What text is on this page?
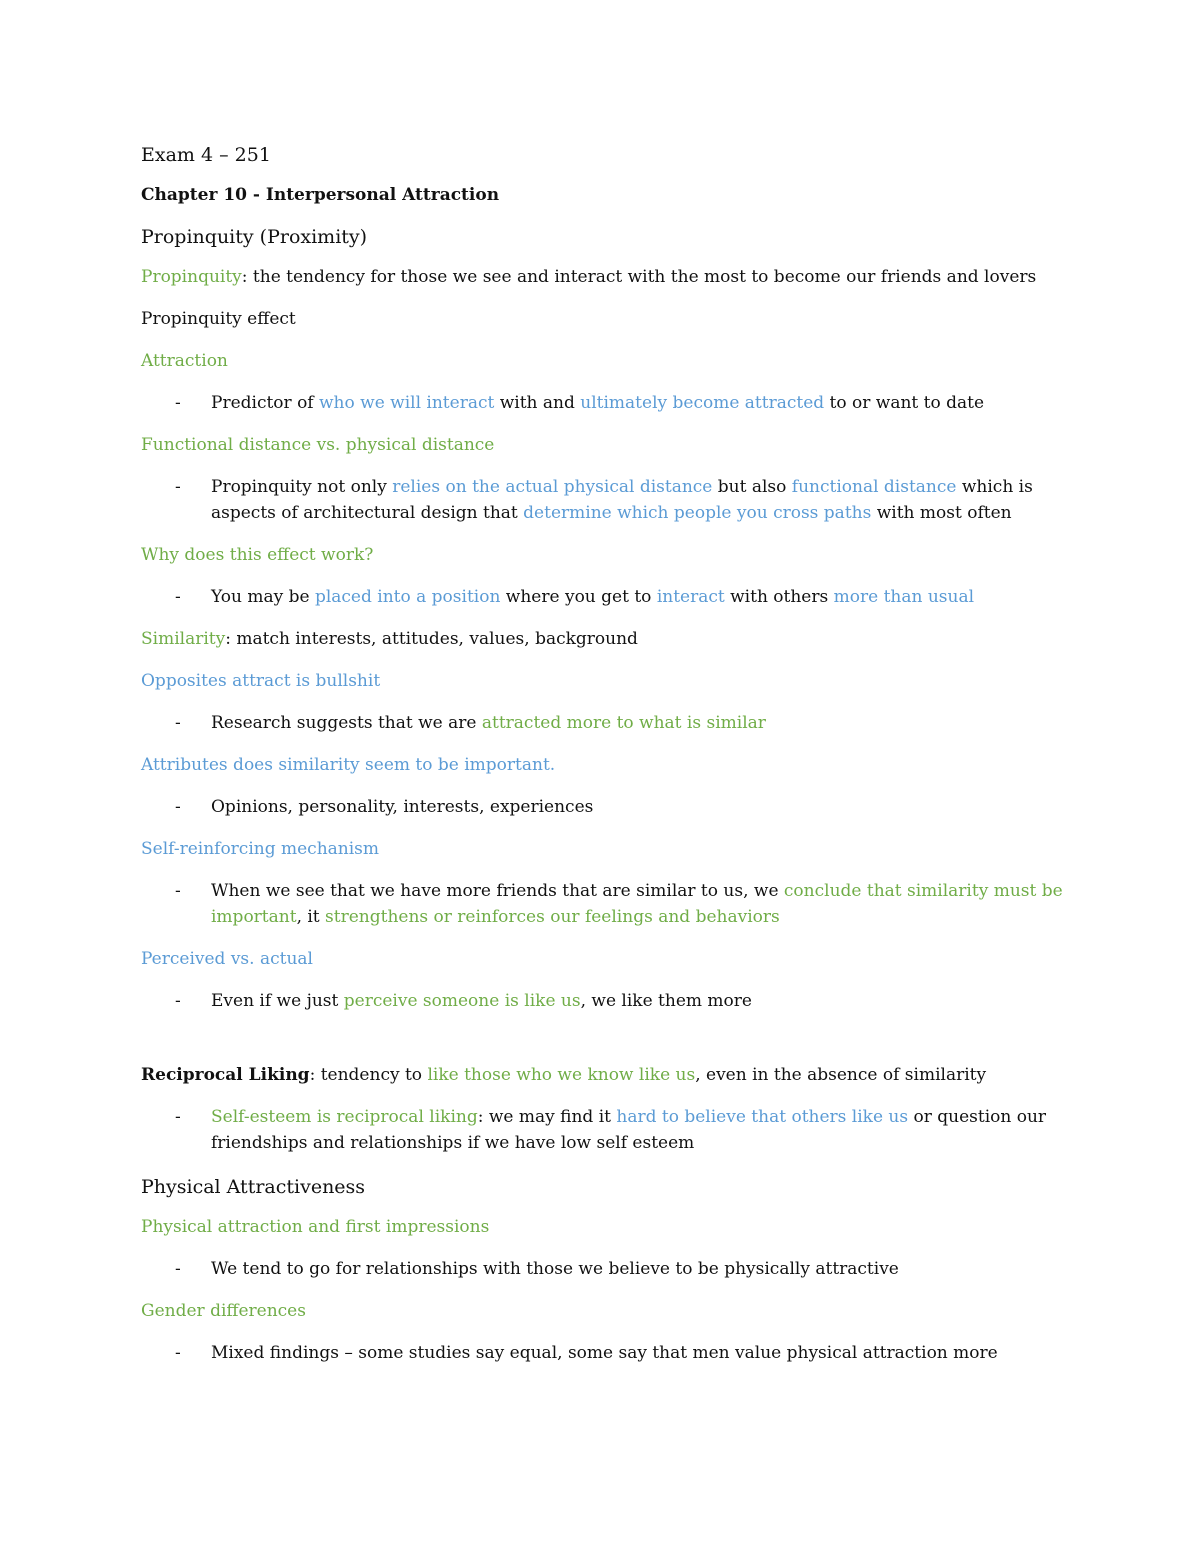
Exam 4 – 251

Chapter 10 - Interpersonal Attraction

Propinquity (Proximity)

Propinquity: the tendency for those we see and interact with the most to become our friends and lovers

Propinquity effect

Attraction

- Predictor of who we will interact with and ultimately become attracted to or want to date

Functional distance vs. physical distance

- Propinquity not only relies on the actual physical distance but also functional distance which is aspects of architectural design that determine which people you cross paths with most often

Why does this effect work?

- You may be placed into a position where you get to interact with others more than usual

Similarity: match interests, attitudes, values, background

Opposites attract is bullshit

- Research suggests that we are attracted more to what is similar

Attributes does similarity seem to be important.

- Opinions, personality, interests, experiences

Self-reinforcing mechanism

- When we see that we have more friends that are similar to us, we conclude that similarity must be important, it strengthens or reinforces our feelings and behaviors

Perceived vs. actual

- Even if we just perceive someone is like us, we like them more

Reciprocal Liking: tendency to like those who we know like us, even in the absence of similarity

- Self-esteem is reciprocal liking: we may find it hard to believe that others like us or question our friendships and relationships if we have low self esteem

Physical Attractiveness

Physical attraction and first impressions

- We tend to go for relationships with those we believe to be physically attractive

Gender differences

- Mixed findings – some studies say equal, some say that men value physical attraction more
